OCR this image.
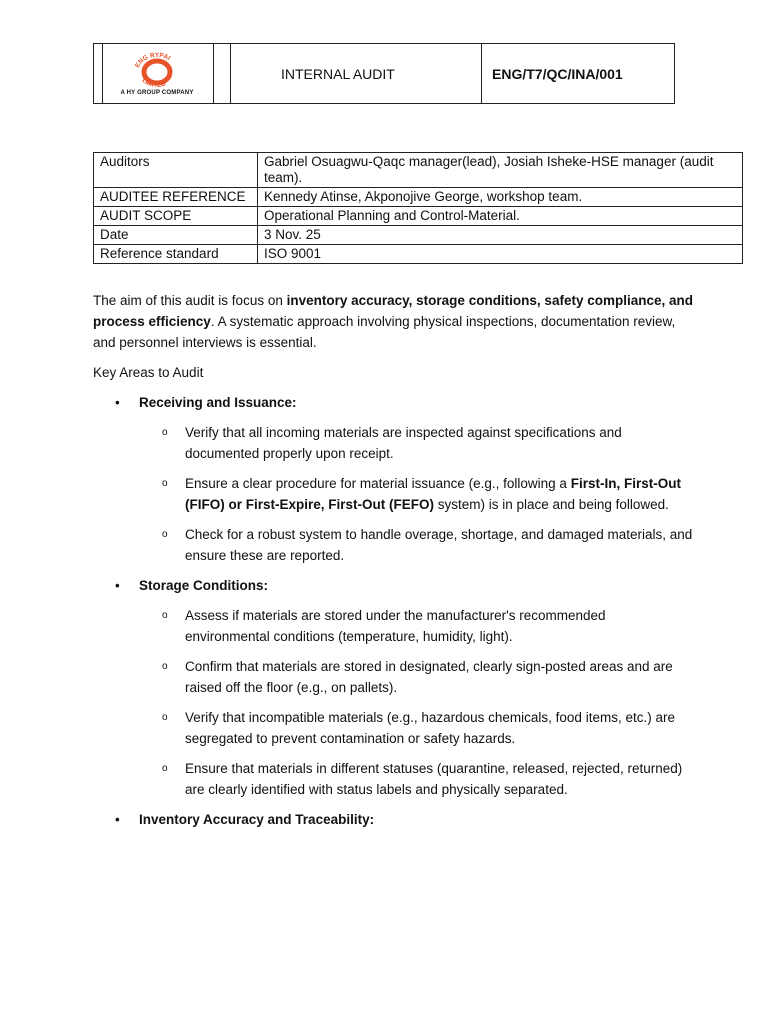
ENG RYPAI
LIMITED
A HY GROUP COMPANY
INTERNAL AUDIT	ENG/T7/QC/INA/001
Auditors	Gabriel Osuagwu-Qaqc manager(lead), Josiah Isheke-HSE manager (audit team).
AUDITEE REFERENCE	Kennedy Atinse, Akponojive George, workshop team.
AUDIT SCOPE	Operational Planning and Control-Material.
Date	3 Nov. 25
Reference standard	ISO 9001

The aim of this audit is focus on inventory accuracy, storage conditions, safety compliance, and process efficiency. A systematic approach involving physical inspections, documentation review, and personnel interviews is essential.

Key Areas to Audit

• Receiving and Issuance:
o Verify that all incoming materials are inspected against specifications and documented properly upon receipt.
o Ensure a clear procedure for material issuance (e.g., following a First-In, First-Out (FIFO) or First-Expire, First-Out (FEFO) system) is in place and being followed.
o Check for a robust system to handle overage, shortage, and damaged materials, and ensure these are reported.
• Storage Conditions:
o Assess if materials are stored under the manufacturer's recommended environmental conditions (temperature, humidity, light).
o Confirm that materials are stored in designated, clearly sign-posted areas and are raised off the floor (e.g., on pallets).
o Verify that incompatible materials (e.g., hazardous chemicals, food items, etc.) are segregated to prevent contamination or safety hazards.
o Ensure that materials in different statuses (quarantine, released, rejected, returned) are clearly identified with status labels and physically separated.
• Inventory Accuracy and Traceability:
